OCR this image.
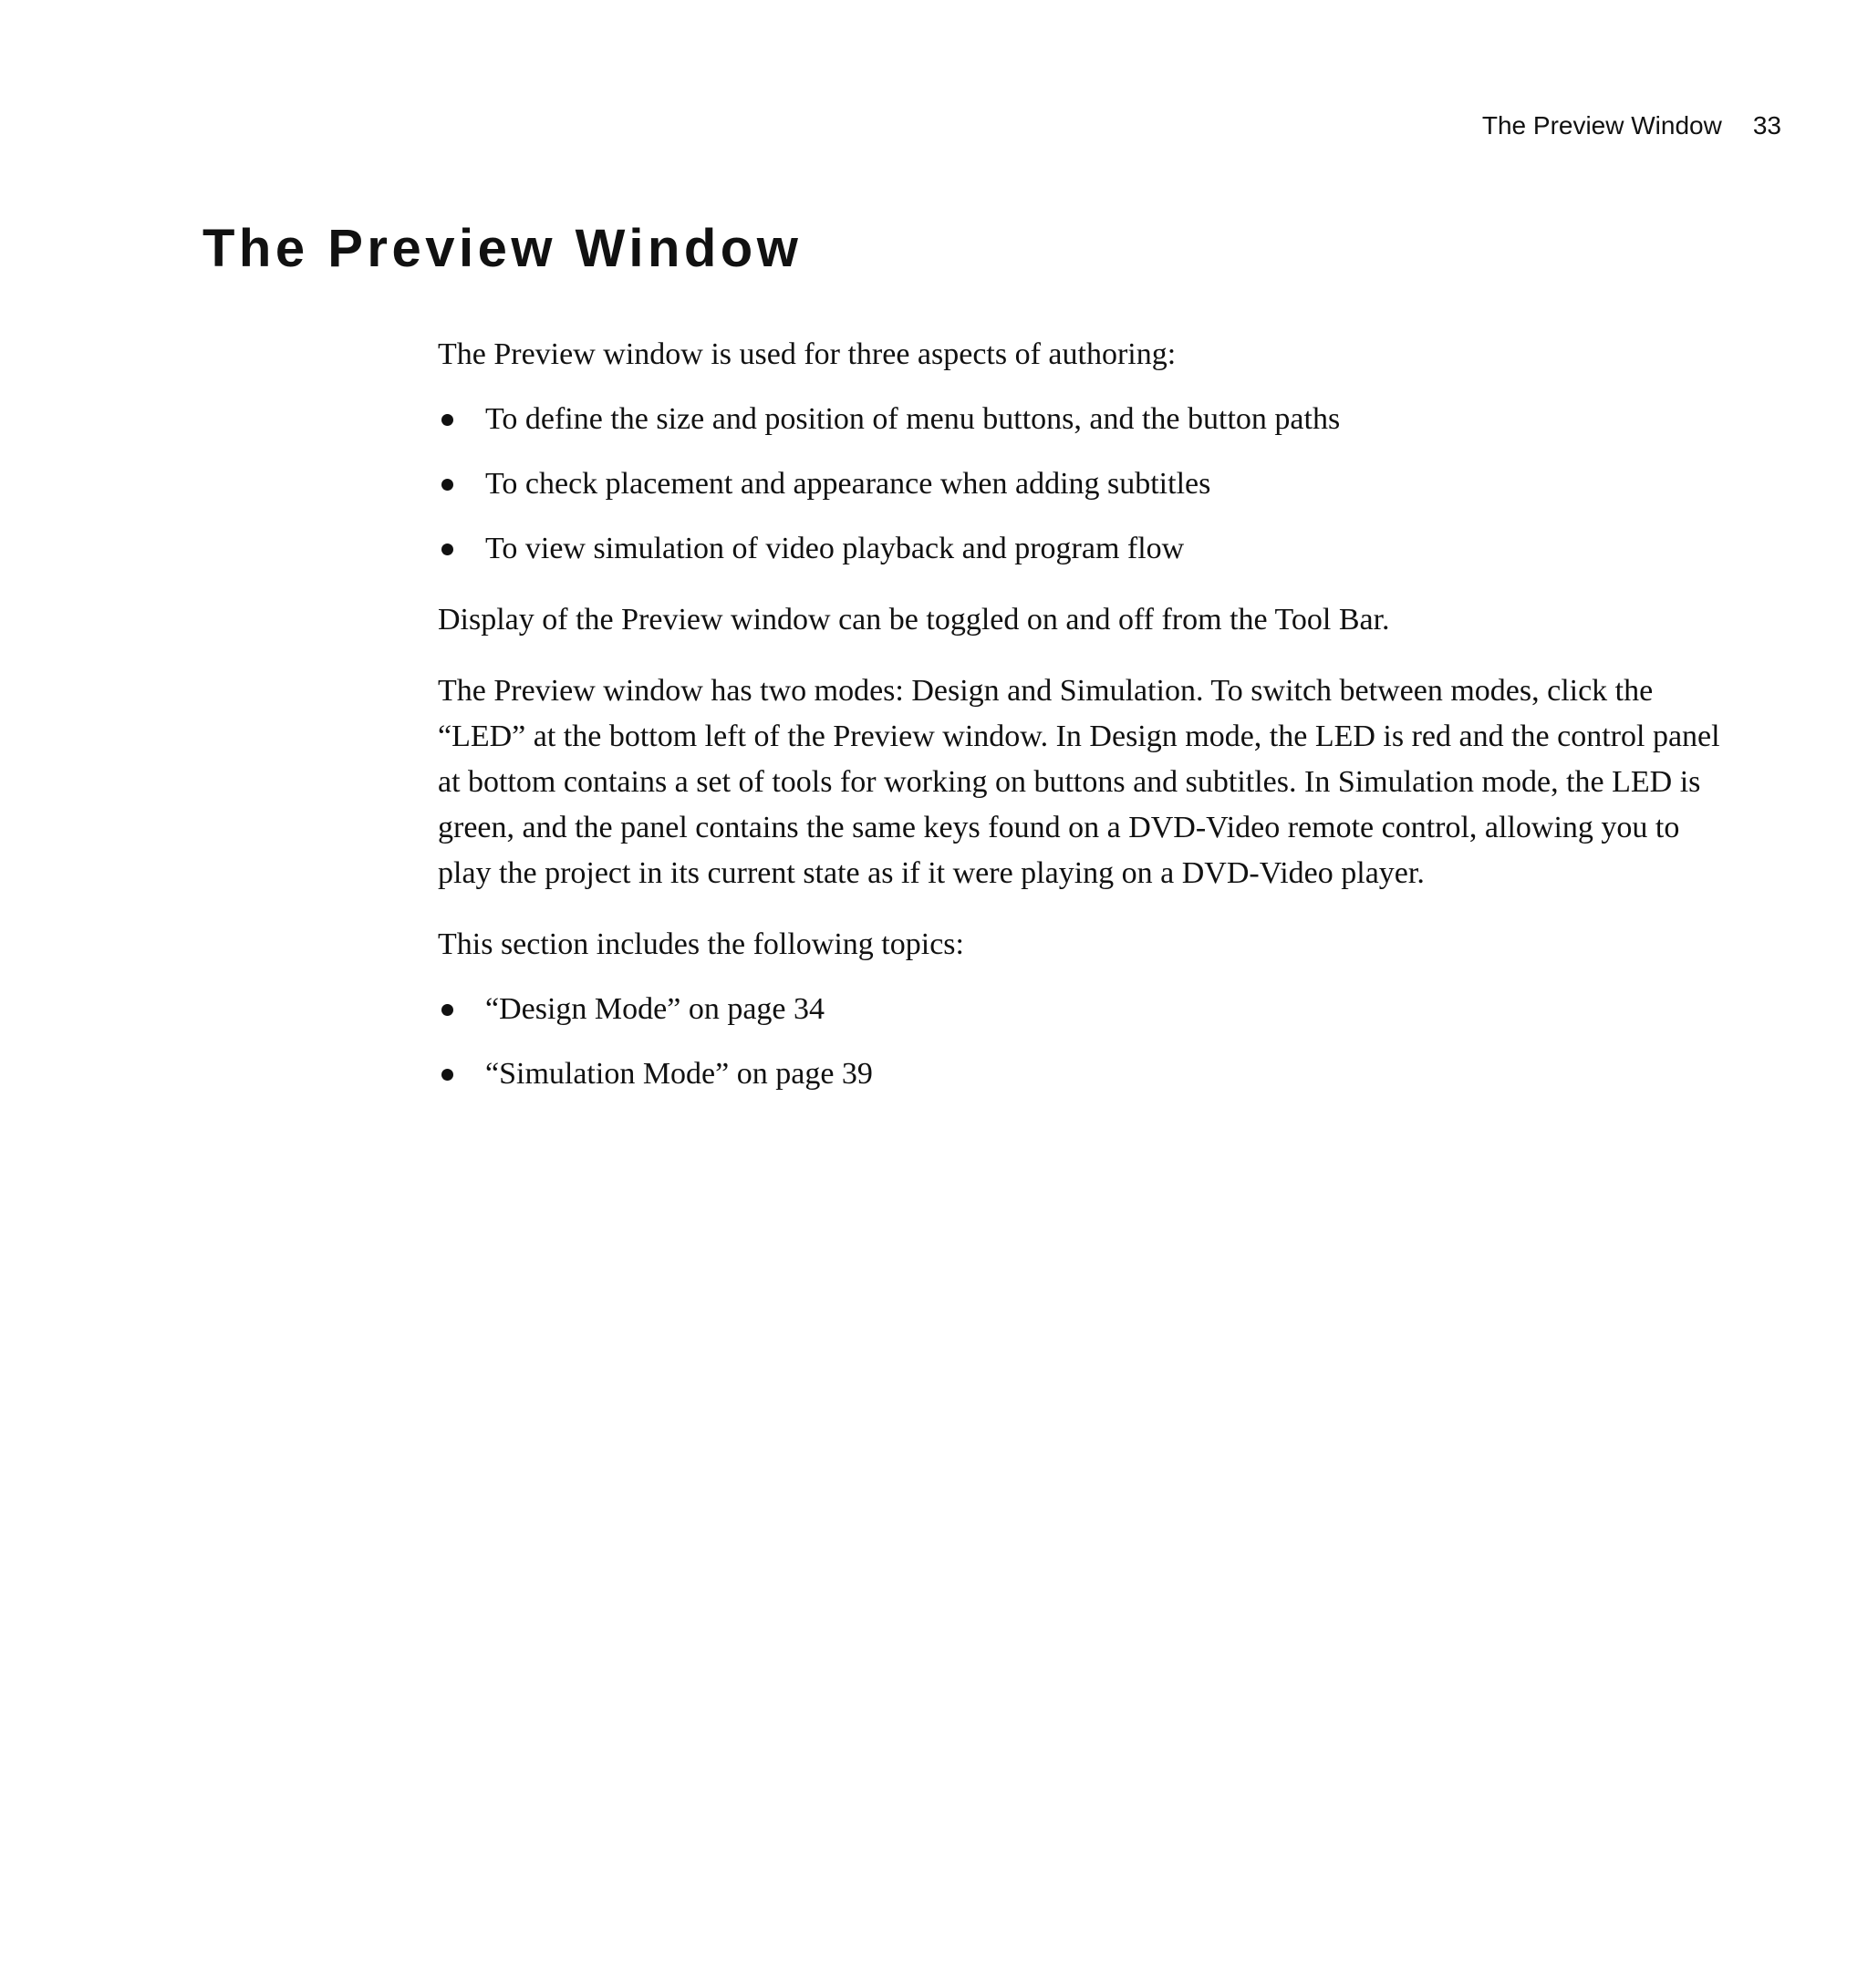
The Preview Window 33
The Preview Window

The Preview window is used for three aspects of authoring:

To define the size and position of menu buttons, and the button paths
To check placement and appearance when adding subtitles
To view simulation of video playback and program flow

Display of the Preview window can be toggled on and off from the Tool Bar.

The Preview window has two modes: Design and Simulation. To switch between modes, click the “LED” at the bottom left of the Preview window. In Design mode, the LED is red and the control panel at bottom contains a set of tools for working on buttons and subtitles. In Simulation mode, the LED is green, and the panel contains the same keys found on a DVD-Video remote control, allowing you to play the project in its current state as if it were playing on a DVD-Video player.

This section includes the following topics:

“Design Mode” on page 34
“Simulation Mode” on page 39
